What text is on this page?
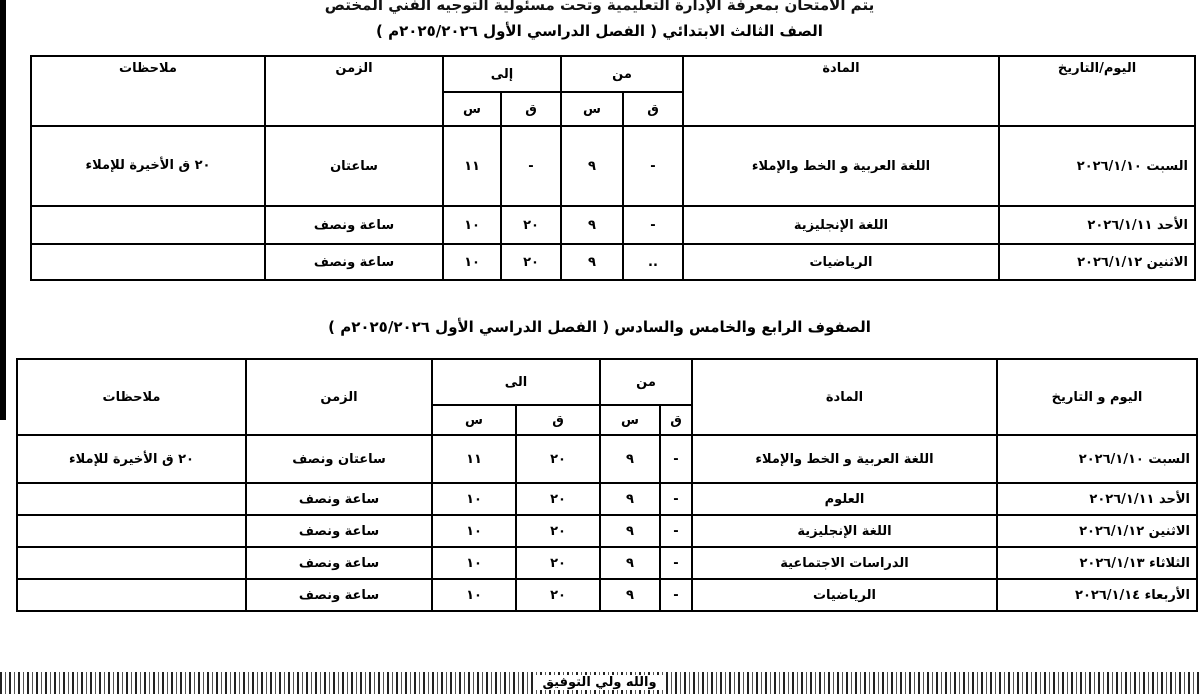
يتم الامتحان بمعرفة الإدارة التعليمية وتحت مسئولية التوجيه الفني المختص
الصف الثالث الابتدائي ( الفصل الدراسي الأول ٢٠٢٥/٢٠٢٦م )
اليوم/التاريخ	المادة	من		إلى		الزمن	ملاحظات
		ق	س	ق	س		
السبت ٢٠٢٦/١/١٠	اللغة العربية و الخط والإملاء	-	٩	-	١١	ساعتان	٢٠ ق الأخيرة للإملاء
الأحد ٢٠٢٦/١/١١	اللغة الإنجليزية	-	٩	٢٠	١٠	ساعة ونصف	
الاثنين ٢٠٢٦/١/١٢	الرياضيات	..	٩	٢٠	١٠	ساعة ونصف	
الصفوف الرابع والخامس والسادس ( الفصل الدراسي الأول ٢٠٢٥/٢٠٢٦م )
اليوم و التاريخ	المادة	من		الى		الزمن	ملاحظات
		ق	س	ق	س		
السبت ٢٠٢٦/١/١٠	اللغة العربية و الخط والإملاء	-	٩	٢٠	١١	ساعتان ونصف	٢٠ ق الأخيرة للإملاء
الأحد ٢٠٢٦/١/١١	العلوم	-	٩	٢٠	١٠	ساعة ونصف	
الاثنين ٢٠٢٦/١/١٢	اللغة الإنجليزية	-	٩	٢٠	١٠	ساعة ونصف	
الثلاثاء ٢٠٢٦/١/١٣	الدراسات الاجتماعية	-	٩	٢٠	١٠	ساعة ونصف	
الأربعاء ٢٠٢٦/١/١٤	الرياضيات	-	٩	٢٠	١٠	ساعة ونصف	
والله ولي التوفيق
